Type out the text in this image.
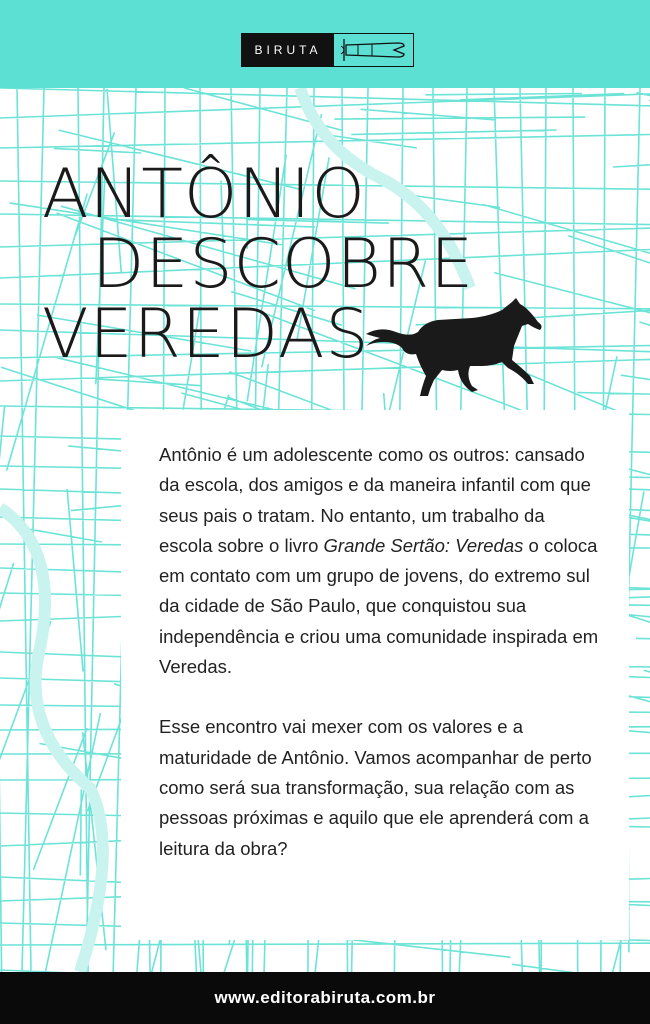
BIRUTA
ANTÔNIO
DESCOBRE
VEREDAS

Antônio é um adolescente como os outros: cansado da escola, dos amigos e da maneira infantil com que seus pais o tratam. No entanto, um trabalho da escola sobre o livro Grande Sertão: Veredas o coloca em contato com um grupo de jovens, do extremo sul da cidade de São Paulo, que conquistou sua independência e criou uma comunidade inspirada em Veredas.

Esse encontro vai mexer com os valores e a maturidade de Antônio. Vamos acompanhar de perto como será sua transformação, sua relação com as pessoas próximas e aquilo que ele aprenderá com a leitura da obra?

www.editorabiruta.com.br
